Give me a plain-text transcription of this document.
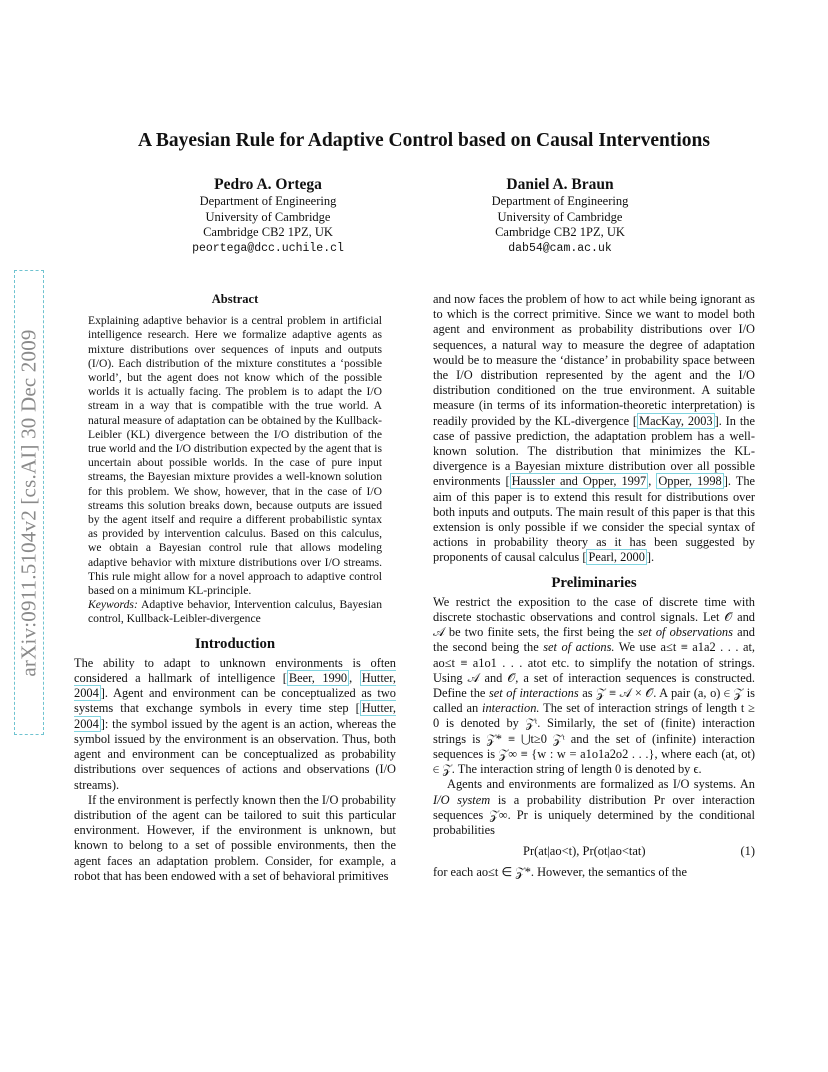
arXiv:0911.5104v2 [cs.AI] 30 Dec 2009
A Bayesian Rule for Adaptive Control based on Causal Interventions
Pedro A. Ortega
Department of Engineering
University of Cambridge
Cambridge CB2 1PZ, UK
peortega@dcc.uchile.cl
Daniel A. Braun
Department of Engineering
University of Cambridge
Cambridge CB2 1PZ, UK
dab54@cam.ac.uk
Abstract

Explaining adaptive behavior is a central problem in artificial intelligence research. Here we formalize adaptive agents as mixture distributions over sequences of inputs and outputs (I/O). Each distribution of the mixture constitutes a ‘possible world’, but the agent does not know which of the possible worlds it is actually facing. The problem is to adapt the I/O stream in a way that is compatible with the true world. A natural measure of adaptation can be obtained by the Kullback-Leibler (KL) divergence between the I/O distribution of the true world and the I/O distribution expected by the agent that is uncertain about possible worlds. In the case of pure input streams, the Bayesian mixture provides a well-known solution for this problem. We show, however, that in the case of I/O streams this solution breaks down, because outputs are issued by the agent itself and require a different probabilistic syntax as provided by intervention calculus. Based on this calculus, we obtain a Bayesian control rule that allows modeling adaptive behavior with mixture distributions over I/O streams. This rule might allow for a novel approach to adaptive control based on a minimum KL-principle.

Keywords: Adaptive behavior, Intervention calculus, Bayesian control, Kullback-Leibler-divergence

Introduction

The ability to adapt to unknown environments is often considered a hallmark of intelligence [ Beer, 1990 , Hutter, 2004 ]. Agent and environment can be conceptualized as two systems that exchange symbols in every time step [ Hutter, 2004 ]: the symbol issued by the agent is an action, whereas the symbol issued by the environment is an observation. Thus, both agent and environment can be conceptualized as probability distributions over sequences of actions and observations (I/O streams).

If the environment is perfectly known then the I/O probability distribution of the agent can be tailored to suit this particular environment. However, if the environment is unknown, but known to belong to a set of possible environments, then the agent faces an adaptation problem. Consider, for example, a robot that has been endowed with a set of behavioral primitives

and now faces the problem of how to act while being ignorant as to which is the correct primitive. Since we want to model both agent and environment as probability distributions over I/O sequences, a natural way to measure the degree of adaptation would be to measure the ‘distance’ in probability space between the I/O distribution represented by the agent and the I/O distribution conditioned on the true environment. A suitable measure (in terms of its information-theoretic interpretation) is readily provided by the KL-divergence [ MacKay, 2003 ]. In the case of passive prediction, the adaptation problem has a well-known solution. The distribution that minimizes the KL-divergence is a Bayesian mixture distribution over all possible environments [ Haussler and Opper, 1997 , Opper, 1998 ]. The aim of this paper is to extend this result for distributions over both inputs and outputs. The main result of this paper is that this extension is only possible if we consider the special syntax of actions in probability theory as it has been suggested by proponents of causal calculus [ Pearl, 2000 ].

Preliminaries

We restrict the exposition to the case of discrete time with discrete stochastic observations and control signals. Let 𝒪 and 𝒜 be two finite sets, the first being the set of observations and the second being the set of actions. We use a≤t ≡ a1a2 . . . at, ao≤t ≡ a1o1 . . . atot etc. to simplify the notation of strings. Using 𝒜 and 𝒪, a set of interaction sequences is constructed. Define the set of interactions as 𝒵 ≡ 𝒜 × 𝒪. A pair (a, o) ∈ 𝒵 is called an interaction. The set of interaction strings of length t ≥ 0 is denoted by 𝒵ᵗ. Similarly, the set of (finite) interaction strings is 𝒵* ≡ ⋃t≥0 𝒵ᵗ and the set of (infinite) interaction sequences is 𝒵∞ ≡ {w : w = a1o1a2o2 . . .}, where each (at, ot) ∈ 𝒵. The interaction string of length 0 is denoted by ϵ.

Agents and environments are formalized as I/O systems. An I/O system is a probability distribution Pr over interaction sequences 𝒵∞. Pr is uniquely determined by the conditional probabilities

Pr(at|ao<t), Pr(ot|ao<tat)	(1)

for each ao≤t ∈ 𝒵*. However, the semantics of the
